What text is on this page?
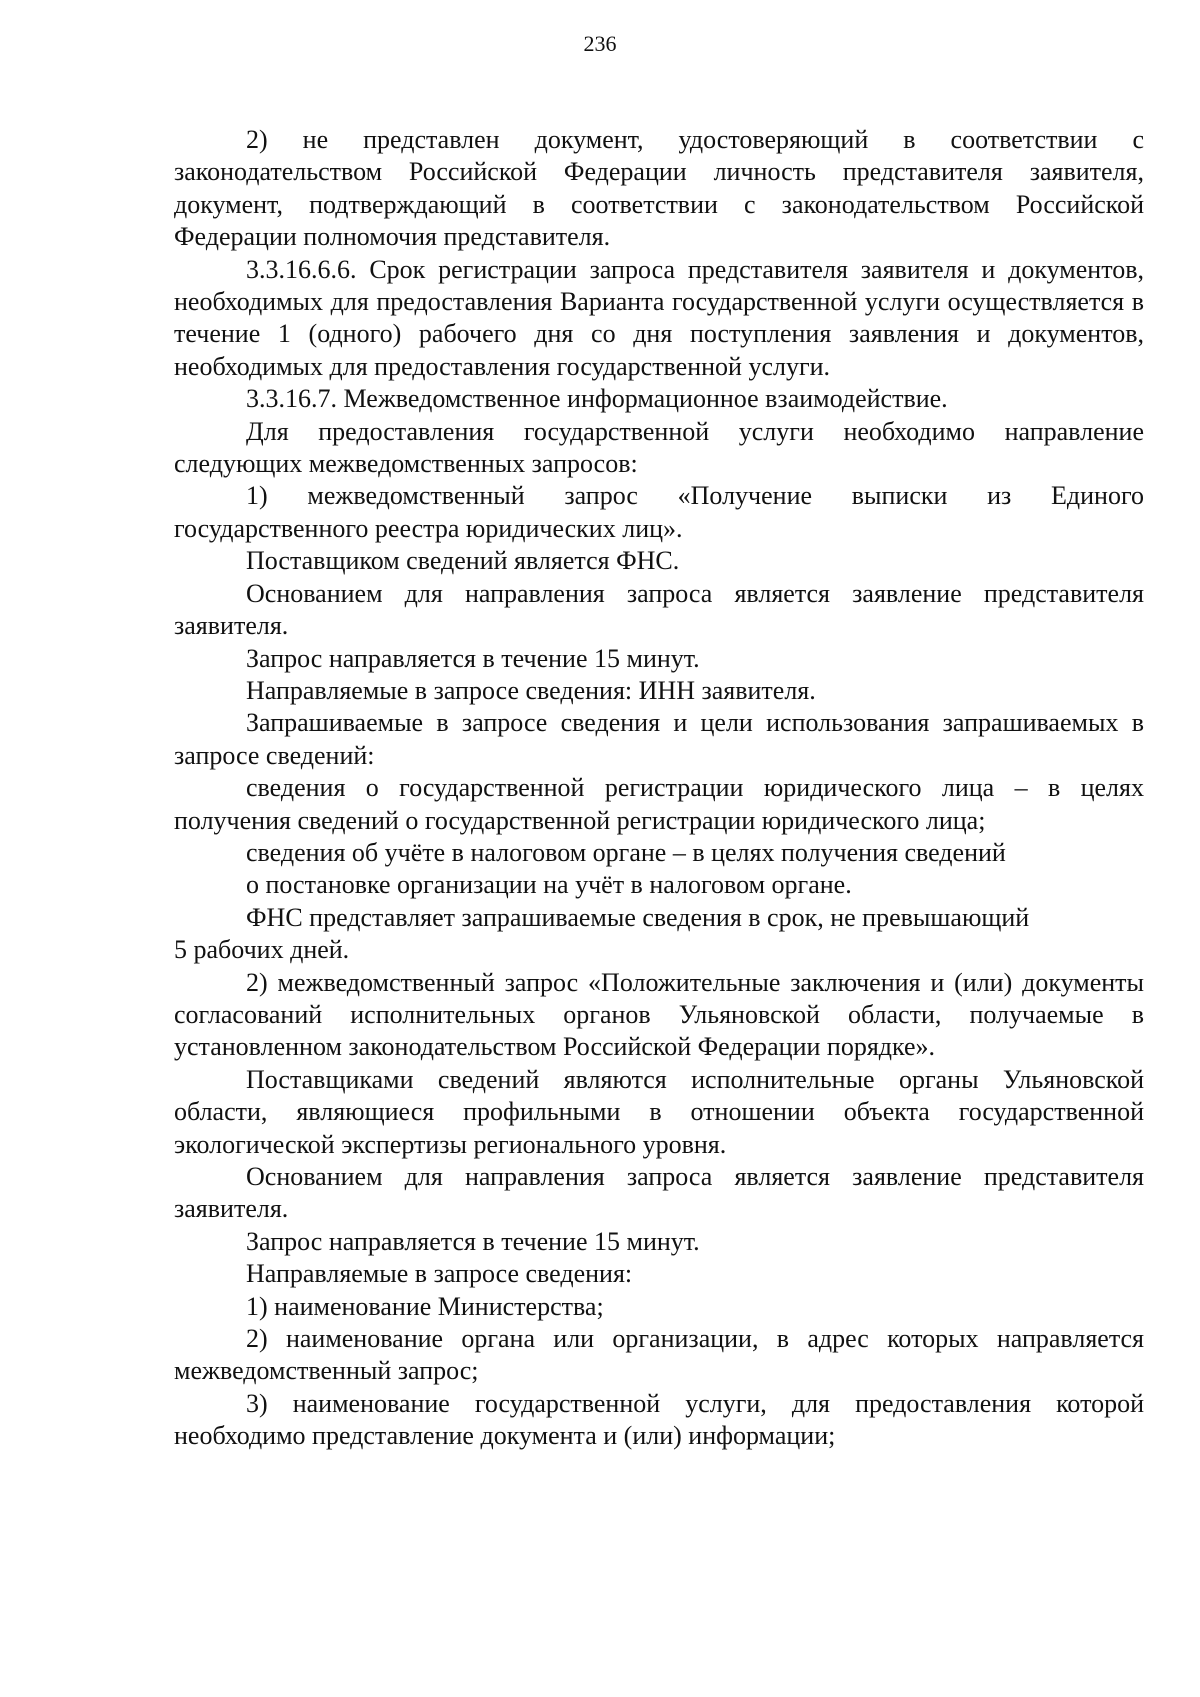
236

2) не представлен документ, удостоверяющий в соответствии с законодательством Российской Федерации личность представителя заявителя, документ, подтверждающий в соответствии с законодательством Российской Федерации полномочия представителя.

3.3.16.6.6. Срок регистрации запроса представителя заявителя и документов, необходимых для предоставления Варианта государственной услуги осуществляется в течение 1 (одного) рабочего дня со дня поступления заявления и документов, необходимых для предоставления государственной услуги.

3.3.16.7. Межведомственное информационное взаимодействие.

Для предоставления государственной услуги необходимо направление следующих межведомственных запросов:

1) межведомственный запрос «Получение выписки из Единого государственного реестра юридических лиц».

Поставщиком сведений является ФНС.

Основанием для направления запроса является заявление представителя заявителя.

Запрос направляется в течение 15 минут.

Направляемые в запросе сведения: ИНН заявителя.

Запрашиваемые в запросе сведения и цели использования запрашиваемых в запросе сведений:

сведения о государственной регистрации юридического лица – в целях получения сведений о государственной регистрации юридического лица;

сведения об учёте в налоговом органе – в целях получения сведений

о постановке организации на учёт в налоговом органе.

ФНС представляет запрашиваемые сведения в срок, не превышающий

5 рабочих дней.

2) межведомственный запрос «Положительные заключения и (или) документы согласований исполнительных органов Ульяновской области, получаемые в установленном законодательством Российской Федерации порядке».

Поставщиками сведений являются исполнительные органы Ульяновской области, являющиеся профильными в отношении объекта государственной экологической экспертизы регионального уровня.

Основанием для направления запроса является заявление представителя заявителя.

Запрос направляется в течение 15 минут.

Направляемые в запросе сведения:

1) наименование Министерства;

2) наименование органа или организации, в адрес которых направляется межведомственный запрос;

3) наименование государственной услуги, для предоставления которой необходимо представление документа и (или) информации;
